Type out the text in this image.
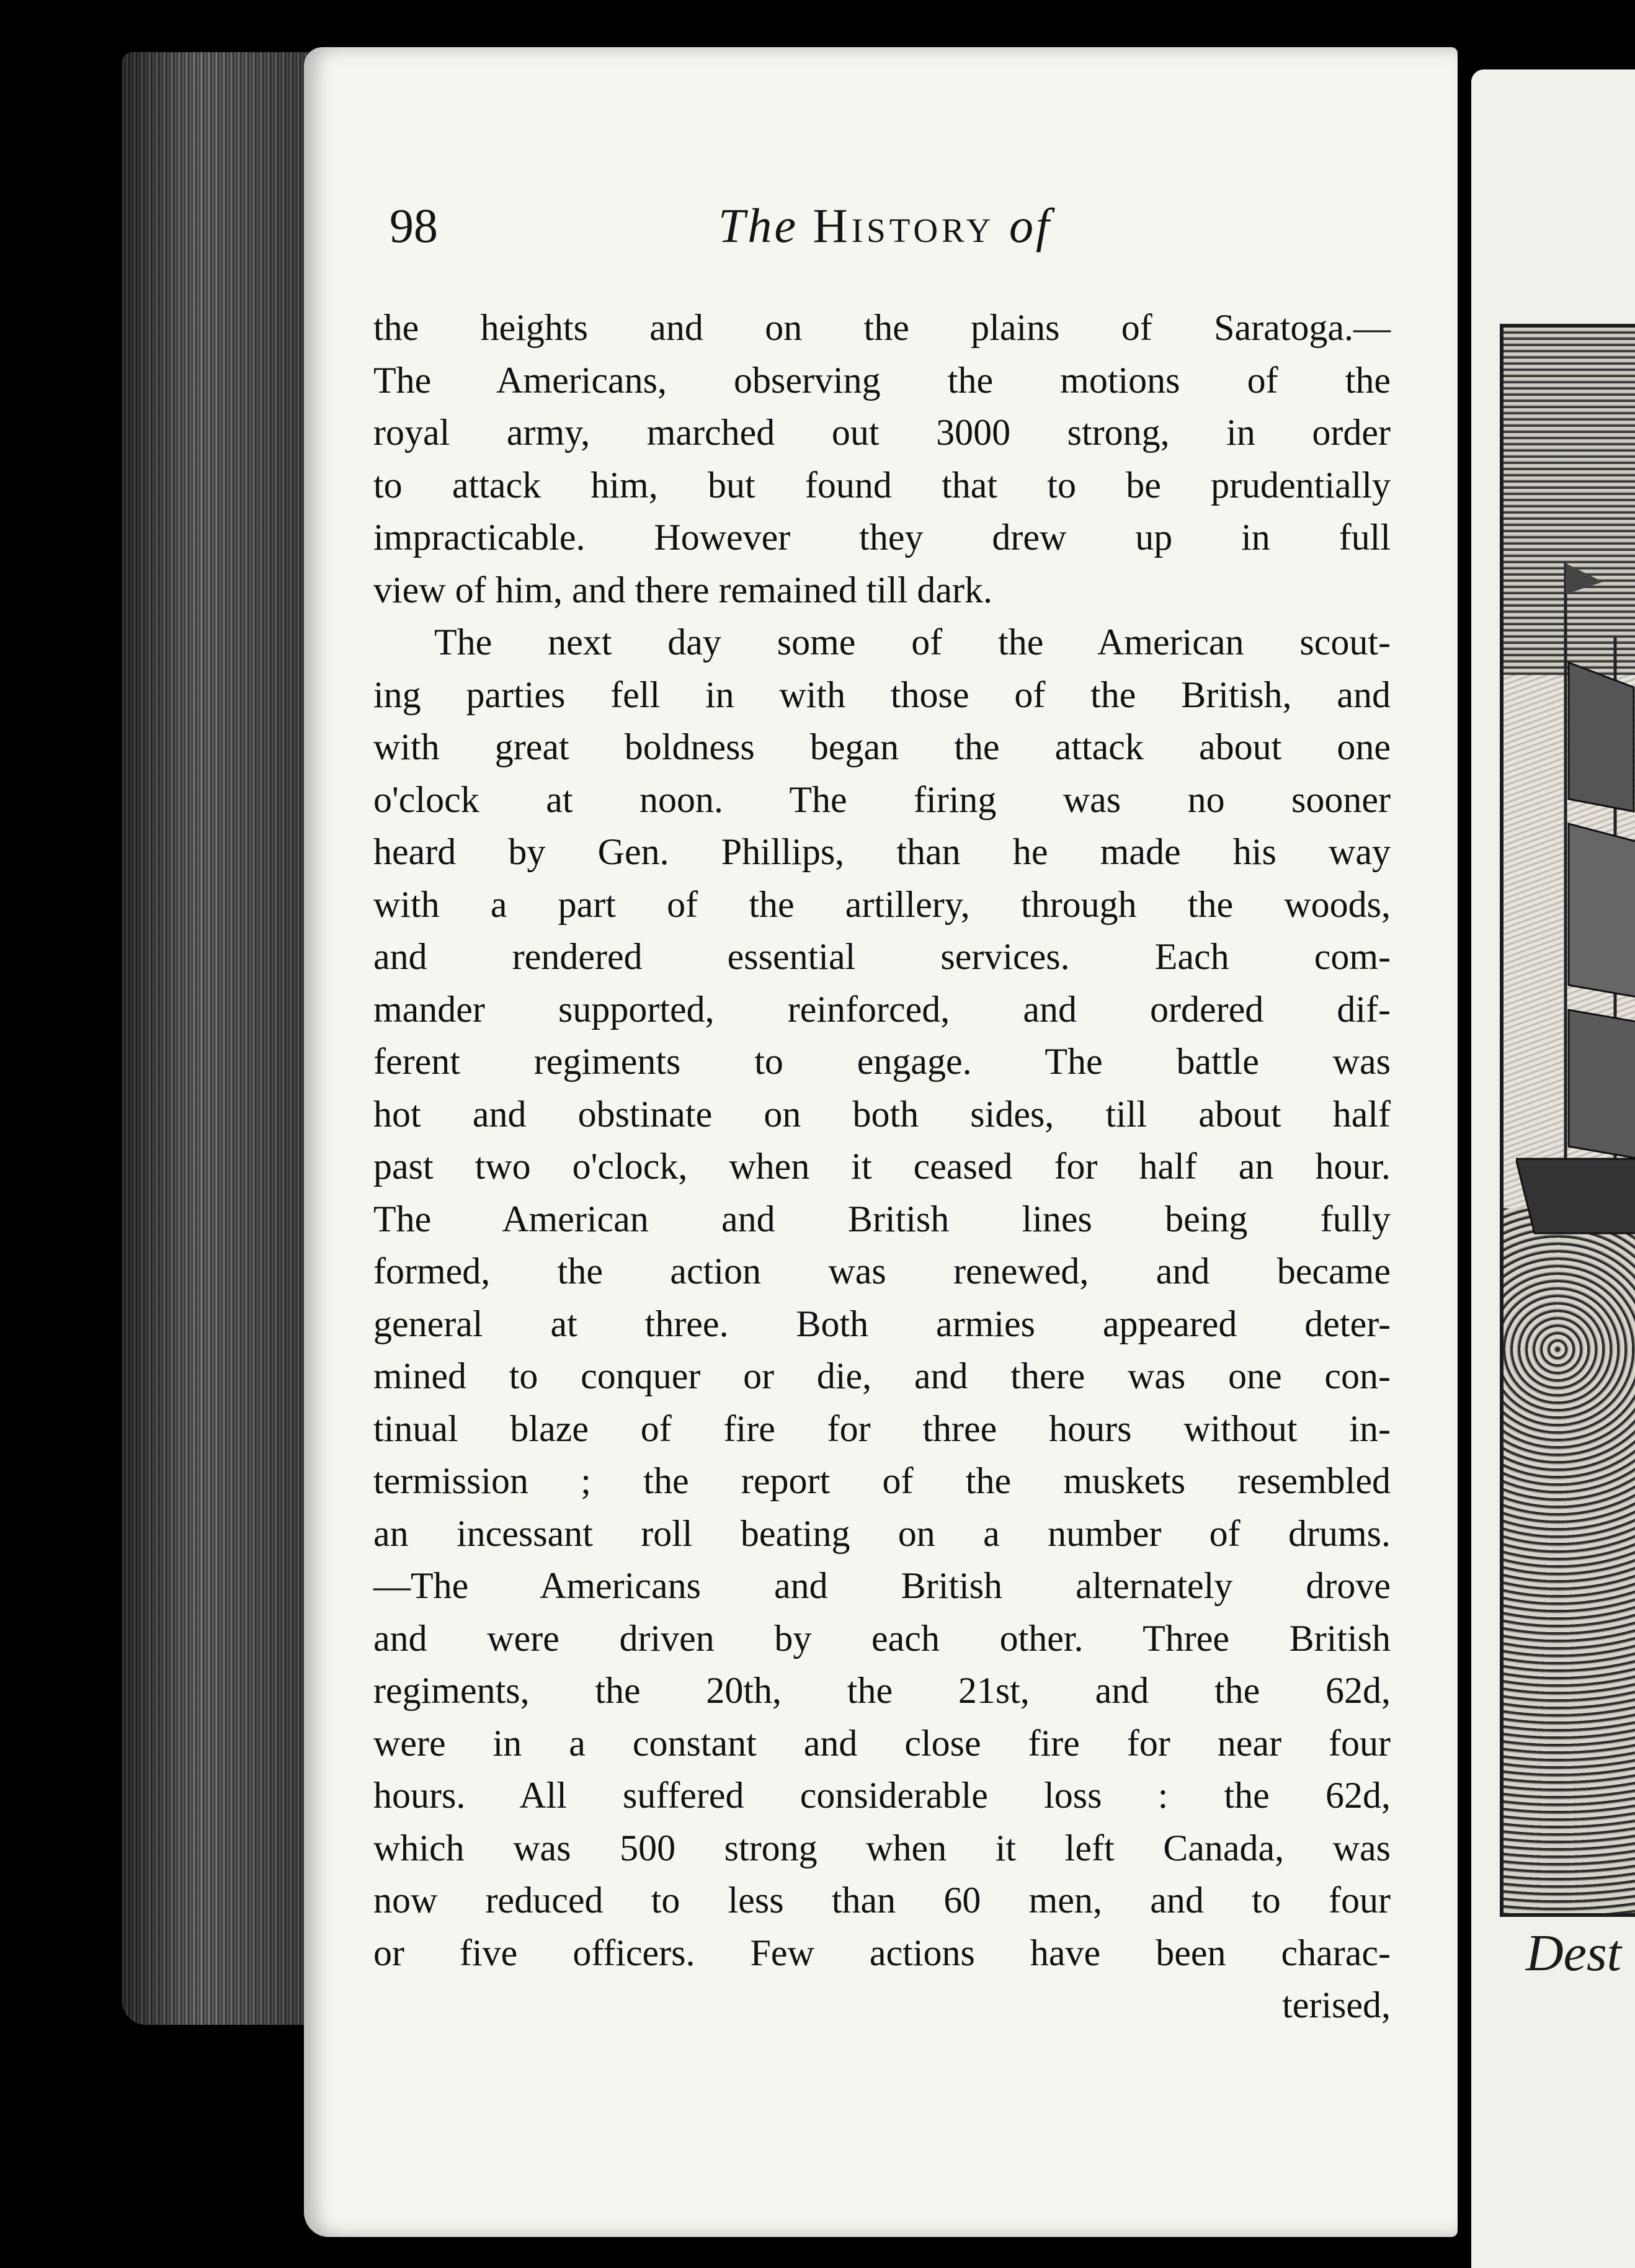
98	The History of
the heights and on the plains of Saratoga.—
The Americans, observing the motions of the
royal army, marched out 3000 strong, in order
to attack him, but found that to be prudentially
impracticable. However they drew up in full
view of him, and there remained till dark.
The next day some of the American scout-
ing parties fell in with those of the British, and
with great boldness began the attack about one
o'clock at noon. The firing was no sooner
heard by Gen. Phillips, than he made his way
with a part of the artillery, through the woods,
and rendered essential services. Each com-
mander supported, reinforced, and ordered dif-
ferent regiments to engage. The battle was
hot and obstinate on both sides, till about half
past two o'clock, when it ceased for half an hour.
The American and British lines being fully
formed, the action was renewed, and became
general at three. Both armies appeared deter-
mined to conquer or die, and there was one con-
tinual blaze of fire for three hours without in-
termission ; the report of the muskets resembled
an incessant roll beating on a number of drums.
—The Americans and British alternately drove
and were driven by each other. Three British
regiments, the 20th, the 21st, and the 62d,
were in a constant and close fire for near four
hours. All suffered considerable loss : the 62d,
which was 500 strong when it left Canada, was
now reduced to less than 60 men, and to four
or five officers. Few actions have been charac-
terised,
Dest
